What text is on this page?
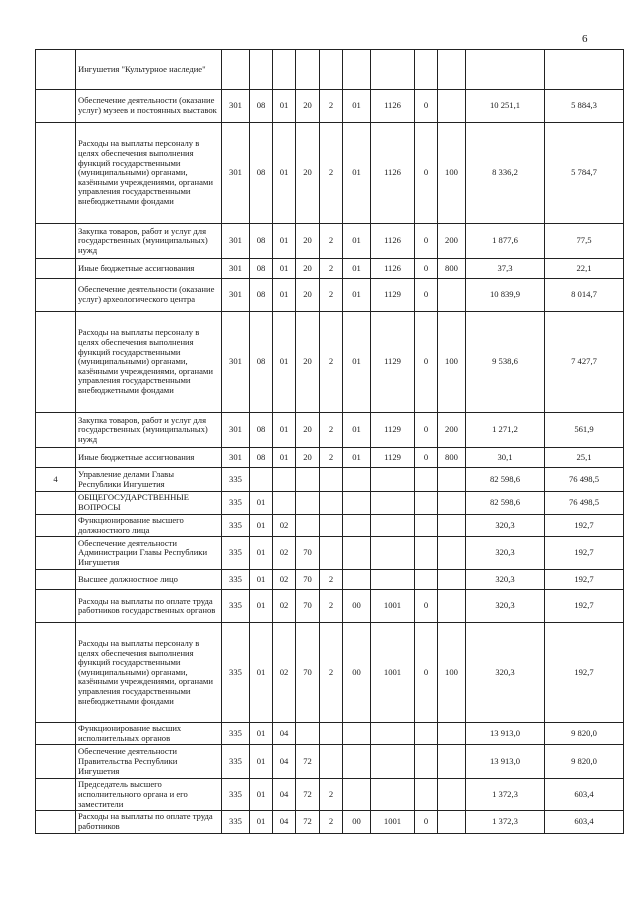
6
	Ингушетия "Культурное наследие"											
	Обеспечение деятельности (оказание услуг) музеев и постоянных выставок	301	08	01	20	2	01	1126	0		10 251,1	5 884,3
	Расходы на выплаты персоналу в целях обеспечения выполнения функций государственными (муниципальными) органами, казёнными учреждениями, органами управления государственными внебюджетными фондами	301	08	01	20	2	01	1126	0	100	8 336,2	5 784,7
	Закупка товаров, работ и услуг для государственных (муниципальных) нужд	301	08	01	20	2	01	1126	0	200	1 877,6	77,5
	Иные бюджетные ассигнования	301	08	01	20	2	01	1126	0	800	37,3	22,1
	Обеспечение деятельности (оказание услуг) археологического центра	301	08	01	20	2	01	1129	0		10 839,9	8 014,7
	Расходы на выплаты персоналу в целях обеспечения выполнения функций государственными (муниципальными) органами, казёнными учреждениями, органами управления государственными внебюджетными фондами	301	08	01	20	2	01	1129	0	100	9 538,6	7 427,7
	Закупка товаров, работ и услуг для государственных (муниципальных) нужд	301	08	01	20	2	01	1129	0	200	1 271,2	561,9
	Иные бюджетные ассигнования	301	08	01	20	2	01	1129	0	800	30,1	25,1
4	Управление делами Главы Республики Ингушетия	335									82 598,6	76 498,5
	ОБЩЕГОСУДАРСТВЕННЫЕ ВОПРОСЫ	335	01								82 598,6	76 498,5
	Функционирование высшего должностного лица	335	01	02							320,3	192,7
	Обеспечение деятельности Администрации Главы Республики Ингушетия	335	01	02	70						320,3	192,7
	Высшее должностное лицо	335	01	02	70	2					320,3	192,7
	Расходы на выплаты по оплате труда работников государственных органов	335	01	02	70	2	00	1001	0		320,3	192,7
	Расходы на выплаты персоналу в целях обеспечения выполнения функций государственными (муниципальными) органами, казёнными учреждениями, органами управления государственными внебюджетными фондами	335	01	02	70	2	00	1001	0	100	320,3	192,7
	Функционирование высших исполнительных органов	335	01	04							13 913,0	9 820,0
	Обеспечение деятельности Правительства Республики Ингушетия	335	01	04	72						13 913,0	9 820,0
	Председатель высшего исполнительного органа и его заместители	335	01	04	72	2					1 372,3	603,4
	Расходы на выплаты по оплате труда работников	335	01	04	72	2	00	1001	0		1 372,3	603,4
